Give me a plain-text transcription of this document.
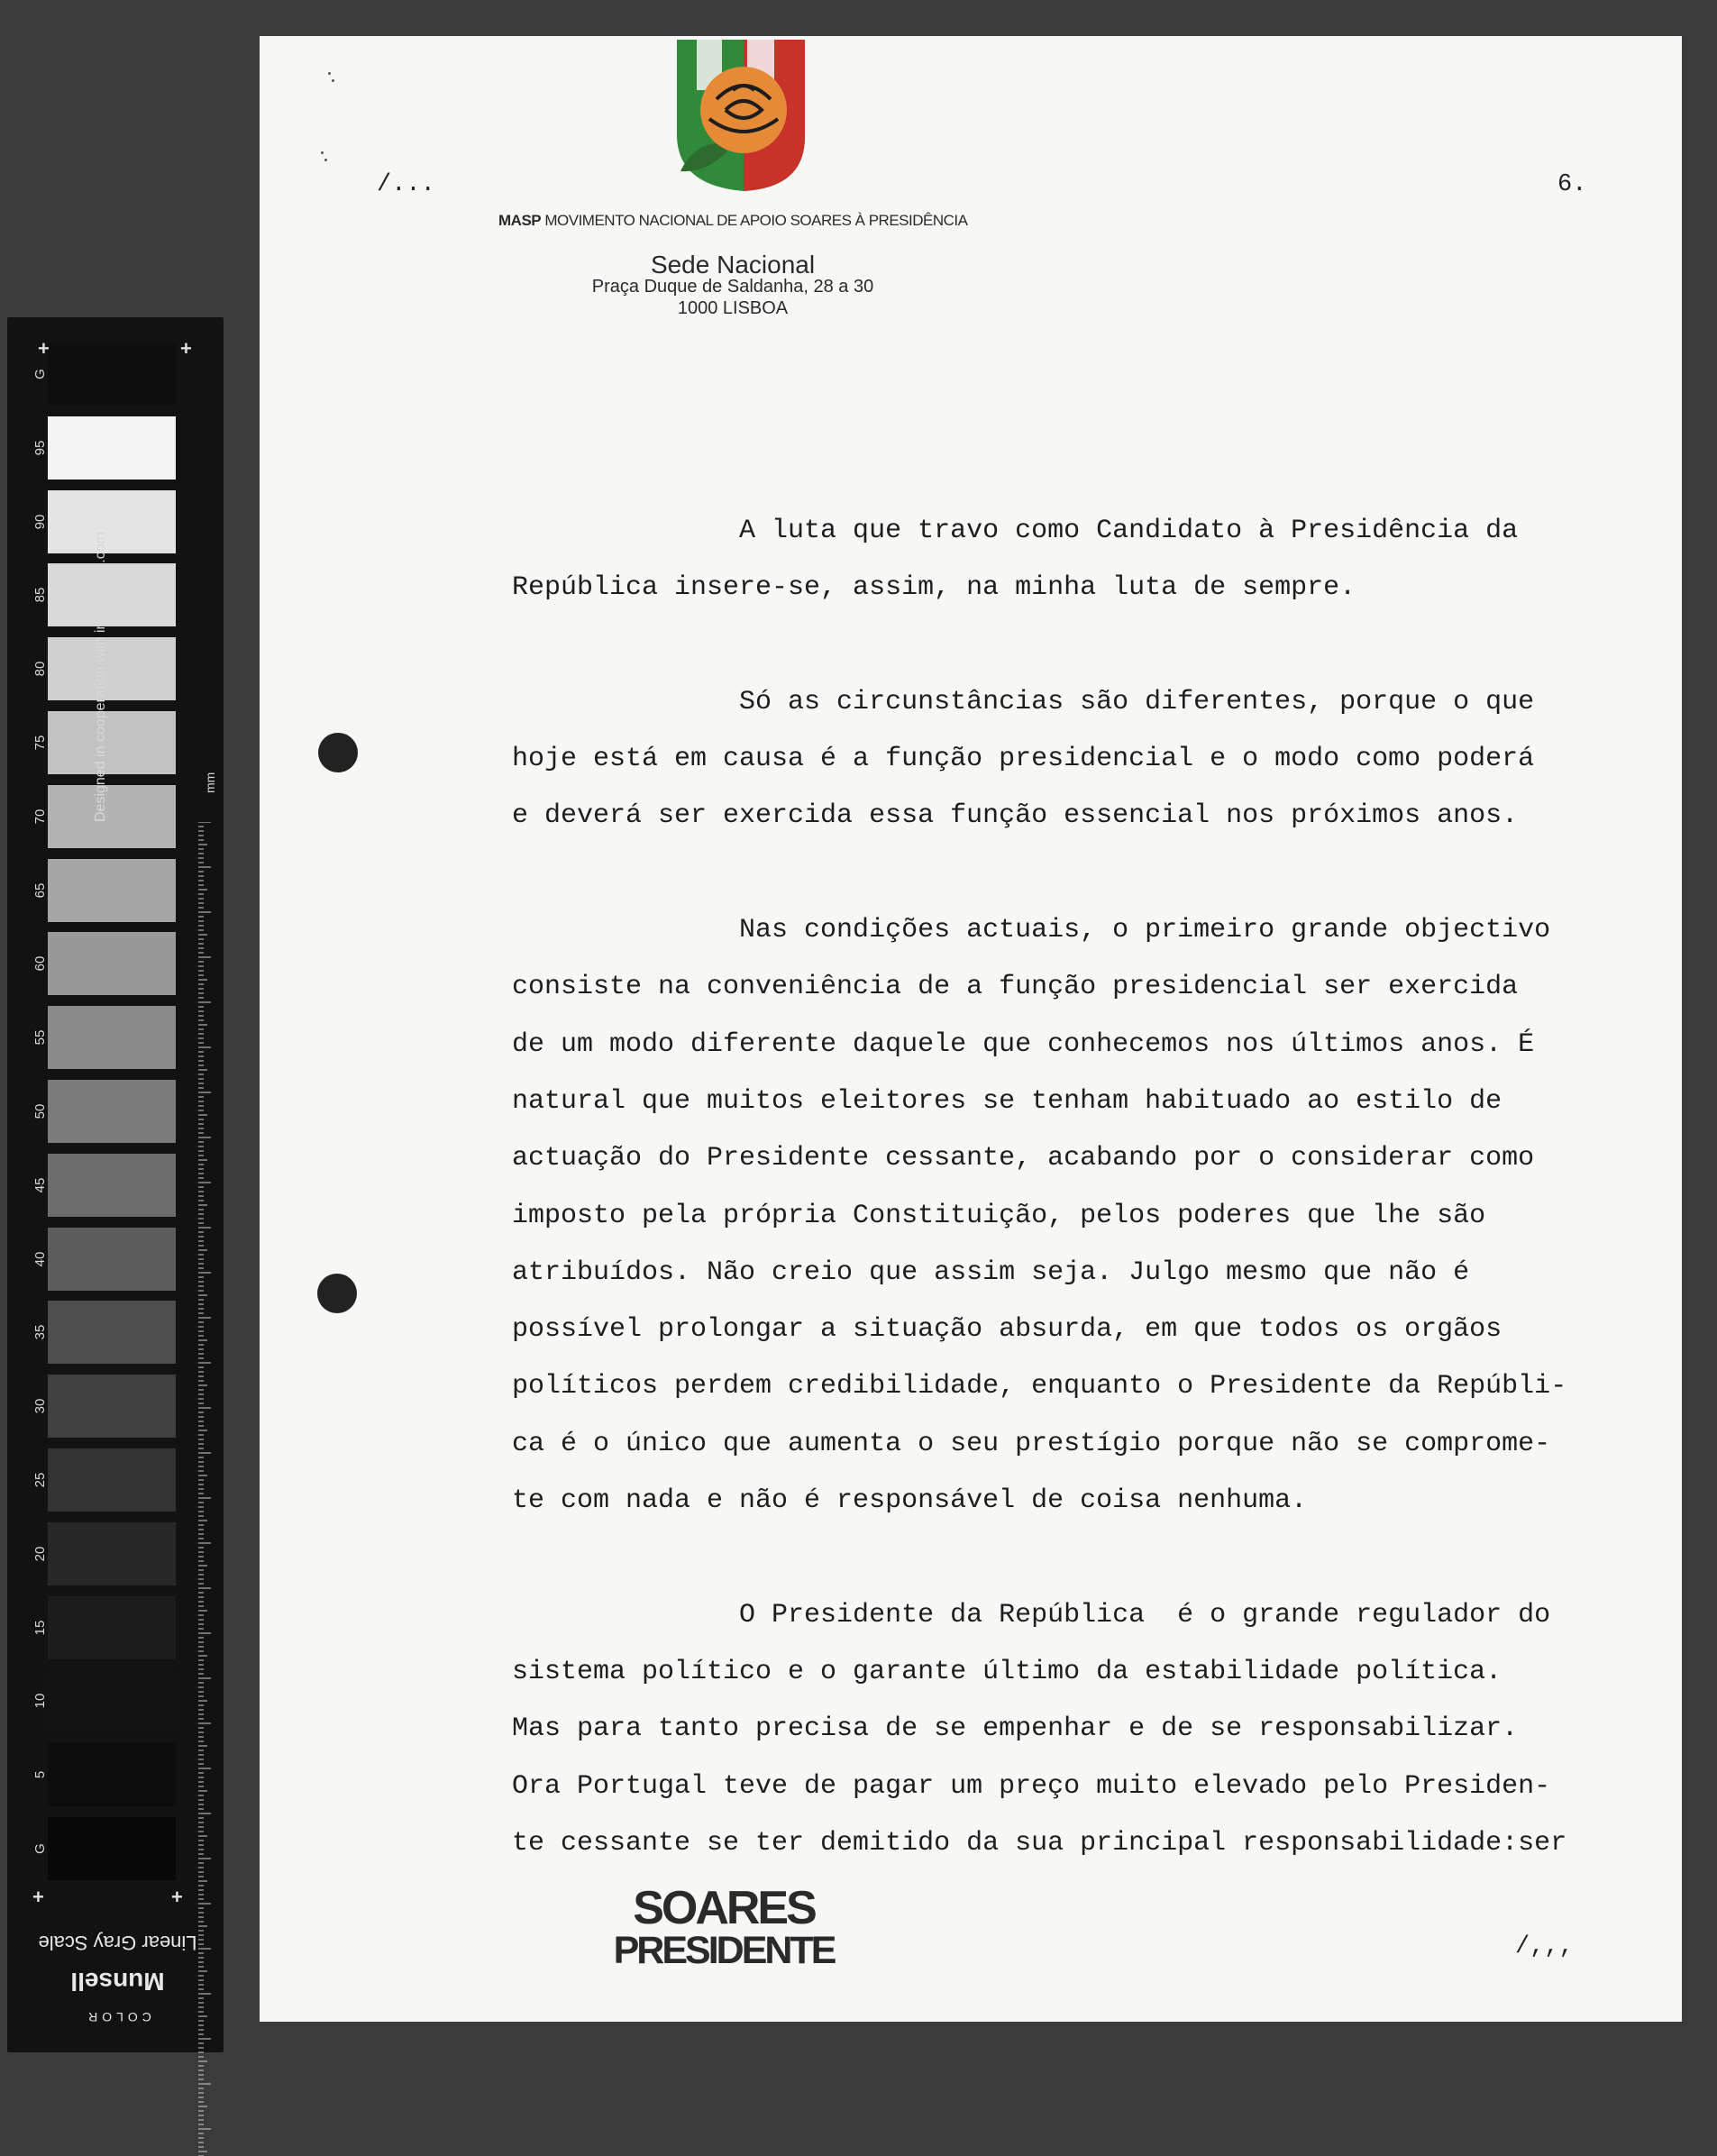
G
95
90
85
80
75
70
65
60
55
50
45
40
35
30
25
20
15
10
5
G
+	+
+	+
Designed in cooperation with imagingetc.com	mm
Linear Gray Scale
Munsell
COLOR
/...	6.
MASP MOVIMENTO NACIONAL DE APOIO SOARES À PRESIDÊNCIA
Sede Nacional
Praça Duque de Saldanha, 28 a 30
1000 LISBOA
A luta que travo como Candidato à Presidência da
República insere-se, assim, na minha luta de sempre.
Só as circunstâncias são diferentes, porque o que
hoje está em causa é a função presidencial e o modo como poderá
e deverá ser exercida essa função essencial nos próximos anos.
Nas condições actuais, o primeiro grande objectivo
consiste na conveniência de a função presidencial ser exercida
de um modo diferente daquele que conhecemos nos últimos anos. É
natural que muitos eleitores se tenham habituado ao estilo de
actuação do Presidente cessante, acabando por o considerar como
imposto pela própria Constituição, pelos poderes que lhe são
atribuídos. Não creio que assim seja. Julgo mesmo que não é
possível prolongar a situação absurda, em que todos os orgãos
políticos perdem credibilidade, enquanto o Presidente da Repúbli-
ca é o único que aumenta o seu prestígio porque não se comprome-
te com nada e não é responsável de coisa nenhuma.
O Presidente da República  é o grande regulador do
sistema político e o garante último da estabilidade política.
Mas para tanto precisa de se empenhar e de se responsabilizar.
Ora Portugal teve de pagar um preço muito elevado pelo Presiden-
te cessante se ter demitido da sua principal responsabilidade:ser
SOARES
PRESIDENTE	/,,,
